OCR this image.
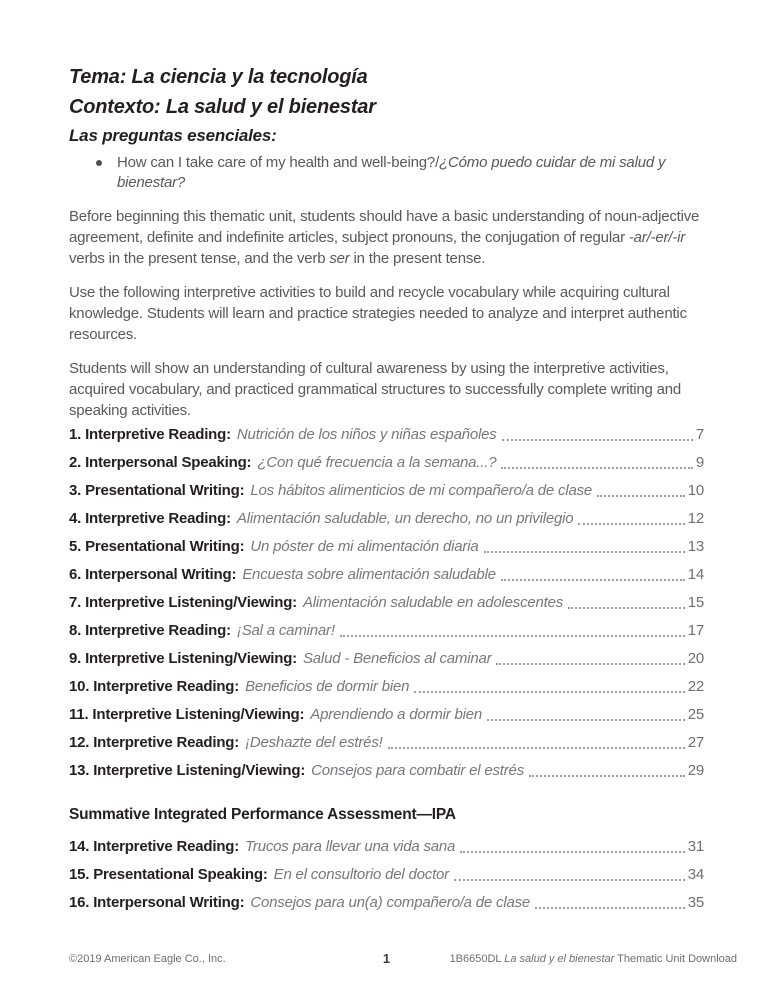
Tema: La ciencia y la tecnología
Contexto: La salud y el bienestar
Las preguntas esenciales:
How can I take care of my health and well-being?/¿Cómo puedo cuidar de mi salud y bienestar?

Before beginning this thematic unit, students should have a basic understanding of noun-adjective agreement, definite and indefinite articles, subject pronouns, the conjugation of regular -ar/-er/-ir verbs in the present tense, and the verb ser in the present tense.

Use the following interpretive activities to build and recycle vocabulary while acquiring cultural knowledge. Students will learn and practice strategies needed to analyze and interpret authentic resources.

Students will show an understanding of cultural awareness by using the interpretive activities, acquired vocabulary, and practiced grammatical structures to successfully complete writing and speaking activities.

1. Interpretive Reading: Nutrición de los niños y niñas españoles	7
2. Interpersonal Speaking: ¿Con qué frecuencia a la semana...?	9
3. Presentational Writing: Los hábitos alimenticios de mi compañero/a de clase	10
4. Interpretive Reading: Alimentación saludable, un derecho, no un privilegio	12
5. Presentational Writing: Un póster de mi alimentación diaria	13
6. Interpersonal Writing: Encuesta sobre alimentación saludable	14
7. Interpretive Listening/Viewing: Alimentación saludable en adolescentes	15
8. Interpretive Reading: ¡Sal a caminar!	17
9. Interpretive Listening/Viewing: Salud - Beneficios al caminar	20
10. Interpretive Reading: Beneficios de dormir bien	22
11. Interpretive Listening/Viewing: Aprendiendo a dormir bien	25
12. Interpretive Reading: ¡Deshazte del estrés!	27
13. Interpretive Listening/Viewing: Consejos para combatir el estrés	29
Summative Integrated Performance Assessment—IPA
14. Interpretive Reading: Trucos para llevar una vida sana	31
15. Presentational Speaking: En el consultorio del doctor	34
16. Interpersonal Writing: Consejos para un(a) compañero/a de clase	35
©2019 American Eagle Co., Inc.	1	1B6650DL La salud y el bienestar Thematic Unit Download
